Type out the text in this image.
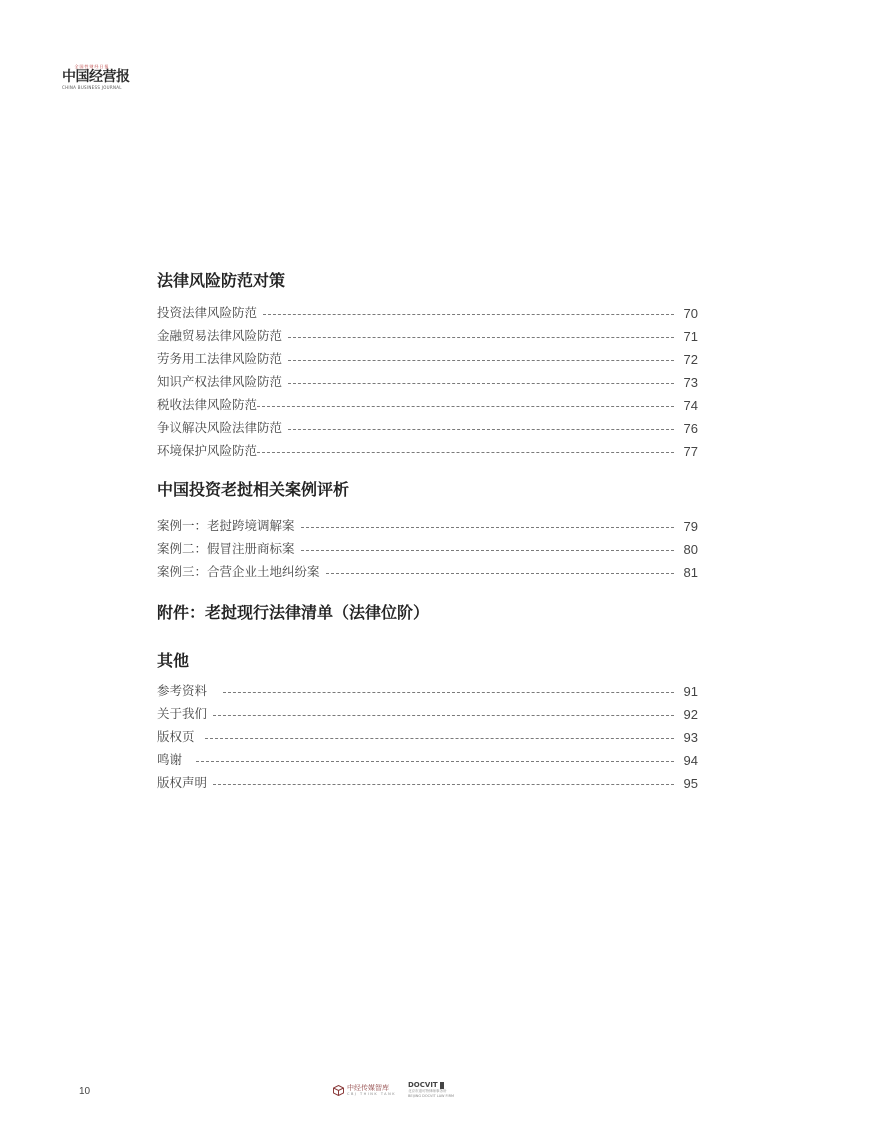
全国性财经日报
中国经营报
CHINA BUSINESS JOURNAL
法律风险防范对策
投资法律风险防范	70
金融贸易法律风险防范	71
劳务用工法律风险防范	72
知识产权法律风险防范	73
税收法律风险防范	74
争议解决风险法律防范	76
环境保护风险防范	77
中国投资老挝相关案例评析
案例一：老挝跨境调解案	79
案例二：假冒注册商标案	80
案例三：合营企业土地纠纷案	81
附件：老挝现行法律清单（法律位阶）
其他
参考资料	91
关于我们	92
版权页	93
鸣谢	94
版权声明	95
10	中经传媒智库
CBJ THINK TANK
DOCVIT
北京市道可特律师事务所
BEIJING DOCVIT LAW FIRM
